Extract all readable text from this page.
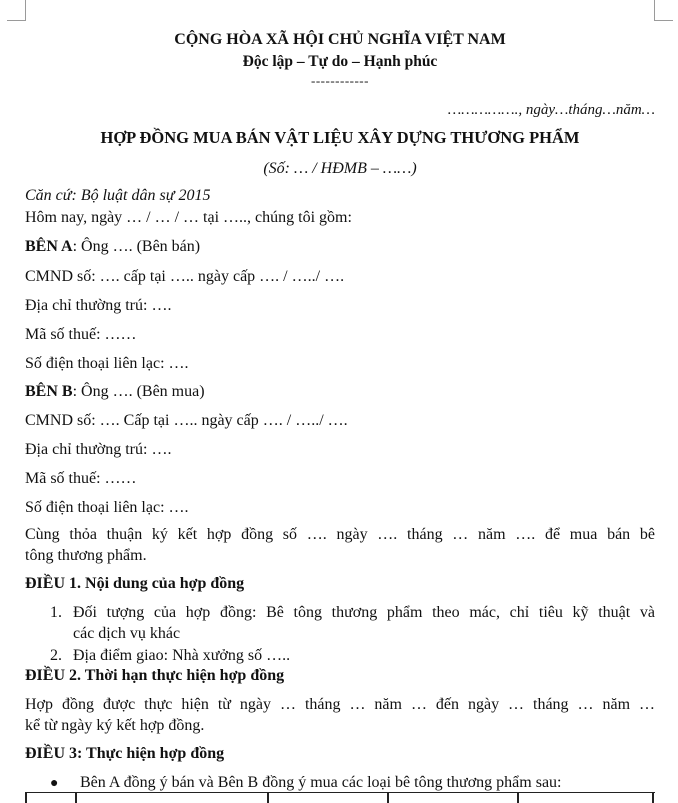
CỘNG HÒA XÃ HỘI CHỦ NGHĨA VIỆT NAM
Độc lập – Tự do – Hạnh phúc
------------
……………., ngày…tháng…năm…
HỢP ĐỒNG MUA BÁN VẬT LIỆU XÂY DỰNG THƯƠNG PHẨM
(Số: … / HĐMB – ……)
Căn cứ: Bộ luật dân sự 2015
Hôm nay, ngày … / … / … tại ….., chúng tôi gồm:
BÊN A: Ông …. (Bên bán)
CMND số: …. cấp tại ….. ngày cấp …. / …../ ….
Địa chỉ thường trú: ….
Mã số thuế: ……
Số điện thoại liên lạc: ….
BÊN B: Ông …. (Bên mua)
CMND số: …. Cấp tại ….. ngày cấp …. / …../ ….
Địa chỉ thường trú: ….
Mã số thuế: ……
Số điện thoại liên lạc: ….
Cùng thỏa thuận ký kết hợp đồng số …. ngày …. tháng … năm …. để mua bán bê
tông thương phẩm.
ĐIỀU 1. Nội dung của hợp đồng
1. Đối tượng của hợp đồng: Bê tông thương phẩm theo mác, chỉ tiêu kỹ thuật và
các dịch vụ khác
2. Địa điểm giao: Nhà xưởng số …..
ĐIỀU 2. Thời hạn thực hiện hợp đồng
Hợp đồng được thực hiện từ ngày … tháng … năm … đến ngày … tháng … năm …
kể từ ngày ký kết hợp đồng.
ĐIỀU 3: Thực hiện hợp đồng
● Bên A đồng ý bán và Bên B đồng ý mua các loại bê tông thương phẩm sau:
